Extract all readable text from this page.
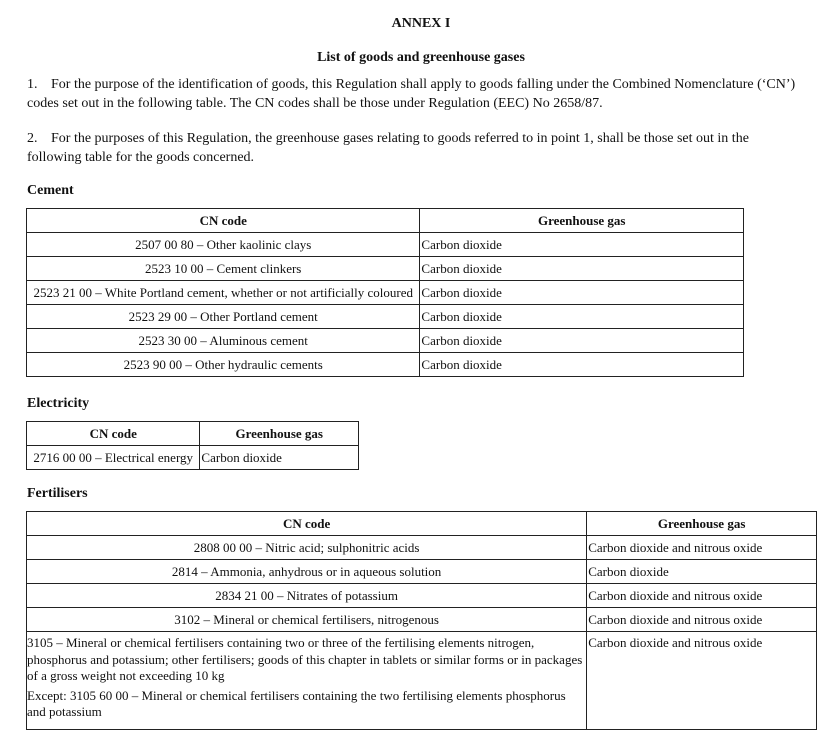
ANNEX I
List of goods and greenhouse gases
1. For the purpose of the identification of goods, this Regulation shall apply to goods falling under the Combined Nomenclature (‘CN’) codes set out in the following table. The CN codes shall be those under Regulation (EEC) No 2658/87.
2. For the purposes of this Regulation, the greenhouse gases relating to goods referred to in point 1, shall be those set out in the following table for the goods concerned.
Cement
CN code	Greenhouse gas
2507 00 80 – Other kaolinic clays	Carbon dioxide
2523 10 00 – Cement clinkers	Carbon dioxide
2523 21 00 – White Portland cement, whether or not artificially coloured	Carbon dioxide
2523 29 00 – Other Portland cement	Carbon dioxide
2523 30 00 – Aluminous cement	Carbon dioxide
2523 90 00 – Other hydraulic cements	Carbon dioxide
Electricity
CN code	Greenhouse gas
2716 00 00 – Electrical energy	Carbon dioxide
Fertilisers
CN code	Greenhouse gas
2808 00 00 – Nitric acid; sulphonitric acids	Carbon dioxide and nitrous oxide
2814 – Ammonia, anhydrous or in aqueous solution	Carbon dioxide
2834 21 00 – Nitrates of potassium	Carbon dioxide and nitrous oxide
3102 – Mineral or chemical fertilisers, nitrogenous	Carbon dioxide and nitrous oxide

3105 – Mineral or chemical fertilisers containing two or three of the fertilising elements nitrogen, phosphorus and potassium; other fertilisers; goods of this chapter in tablets or similar forms or in packages of a gross weight not exceeding 10 kg
Except: 3105 60 00 – Mineral or chemical fertilisers containing the two fertilising elements phosphorus and potassium	Carbon dioxide and nitrous oxide
